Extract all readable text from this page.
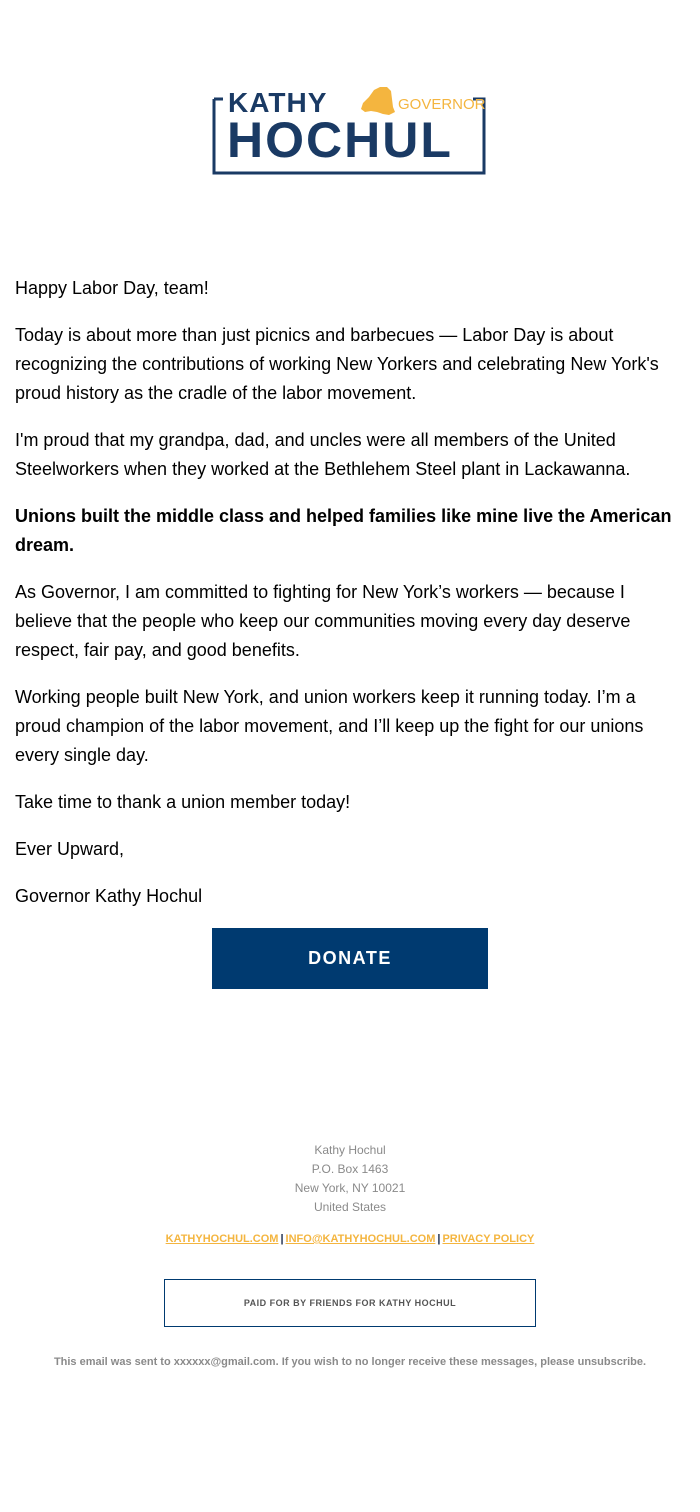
KATHY	GOVERNOR
HOCHUL

Happy Labor Day, team!

Today is about more than just picnics and barbecues — Labor Day is about recognizing the contributions of working New Yorkers and celebrating New York's proud history as the cradle of the labor movement.

I'm proud that my grandpa, dad, and uncles were all members of the United Steelworkers when they worked at the Bethlehem Steel plant in Lackawanna.

Unions built the middle class and helped families like mine live the American dream.

As Governor, I am committed to fighting for New York’s workers — because I believe that the people who keep our communities moving every day deserve respect, fair pay, and good benefits.

Working people built New York, and union workers keep it running today. I’m a proud champion of the labor movement, and I’ll keep up the fight for our unions every single day.

Take time to thank a union member today!

Ever Upward,

Governor Kathy Hochul

DONATE
Kathy Hochul
P.O. Box 1463
New York, NY 10021
United States
KATHYHOCHUL.COM | INFO@KATHYHOCHUL.COM | PRIVACY POLICY
PAID FOR BY FRIENDS FOR KATHY HOCHUL
This email was sent to xxxxxx@gmail.com. If you wish to no longer receive these messages, please unsubscribe.
